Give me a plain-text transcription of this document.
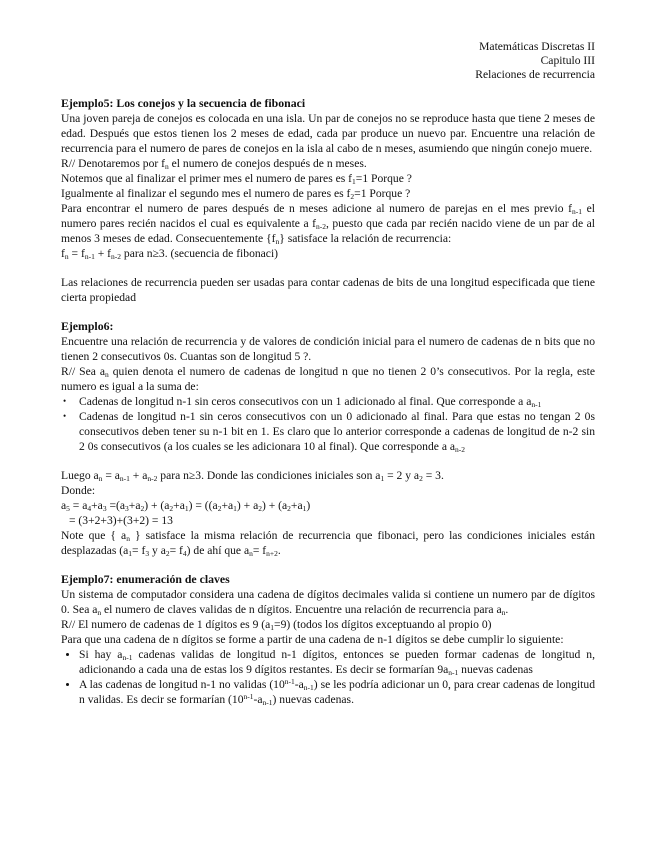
Matemáticas Discretas II
Capitulo III
Relaciones de recurrencia
Ejemplo5: Los conejos y la secuencia de fibonaci

Una joven pareja de conejos es colocada en una isla. Un par de conejos no se reproduce hasta que tiene 2 meses de edad. Después que estos tienen los 2 meses de edad, cada par produce un nuevo par. Encuentre una relación de recurrencia para el numero de pares de conejos en la isla al cabo de n meses, asumiendo que ningún conejo muere.

R// Denotaremos por $f_n$ el numero de conejos después de n meses.

Notemos que al finalizar el primer mes el numero de pares es $f_1=1$ Porque ?

Igualmente al finalizar el segundo mes el numero de pares es $f_2=1$ Porque ?

Para encontrar el numero de pares después de n meses adicione al numero de parejas en el mes previo $f_{n-1}$ el numero pares recién nacidos el cual es equivalente a $f_{n-2}$, puesto que cada par recién nacido viene de un par de al menos 3 meses de edad. Consecuentemente $\{f_n\}$ satisface la relación de recurrencia:

$f_n = f_{n-1} + f_{n-2}$ para n≥3. (secuencia de fibonaci)

Las relaciones de recurrencia pueden ser usadas para contar cadenas de bits de una longitud especificada que tiene cierta propiedad

Ejemplo6:

Encuentre una relación de recurrencia y de valores de condición inicial para el numero de cadenas de n bits que no tienen 2 consecutivos 0s. Cuantas son de longitud 5 ?.

R// Sea $a_n$ quien denota el numero de cadenas de longitud n que no tienen 2 0’s consecutivos. Por la regla, este numero es igual a la suma de:

• Cadenas de longitud n-1 sin ceros consecutivos con un 1 adicionado al final. Que corresponde a $a_{n-1}$
• Cadenas de longitud n-1 sin ceros consecutivos con un 0 adicionado al final. Para que estas no tengan 2 0s consecutivos deben tener su n-1 bit en 1. Es claro que lo anterior corresponde a cadenas de longitud de n-2 sin 2 0s consecutivos (a los cuales se les adicionara 10 al final). Que corresponde a $a_{n-2}$

Luego $a_n = a_{n-1} + a_{n-2}$ para n≥3. Donde las condiciones iniciales son $a_1 = 2$ y $a_2 = 3$.

Donde:

$a_5 = a_4+a_3 =(a_3+a_2) + (a_2+a_1) = ((a_2+a_1) + a_2) + (a_2+a_1)$

= (3+2+3)+(3+2) = 13

Note que { $a_n$ } satisface la misma relación de recurrencia que fibonaci, pero las condiciones iniciales están desplazadas ($a_1= f_3$ y $a_2= f_4$) de ahí que $a_n= f_{n+2}$.

Ejemplo7: enumeración de claves

Un sistema de computador considera una cadena de dígitos decimales valida si contiene un numero par de dígitos 0. Sea $a_n$ el numero de claves validas de n dígitos. Encuentre una relación de recurrencia para $a_n$.

R// El numero de cadenas de 1 dígitos es 9 $(a_1=9)$ (todos los dígitos exceptuando al propio 0)

Para que una cadena de n dígitos se forme a partir de una cadena de n-1 dígitos se debe cumplir lo siguiente:

• Si hay $a_{n-1}$ cadenas validas de longitud n-1 dígitos, entonces se pueden formar cadenas de longitud n, adicionando a cada una de estas los 9 dígitos restantes. Es decir se formarían $9a_{n-1}$ nuevas cadenas
• A las cadenas de longitud n-1 no validas $(10^{n-1}-a_{n-1})$ se les podría adicionar un 0, para crear cadenas de longitud n validas. Es decir se formarían $(10^{n-1}-a_{n-1})$ nuevas cadenas.
